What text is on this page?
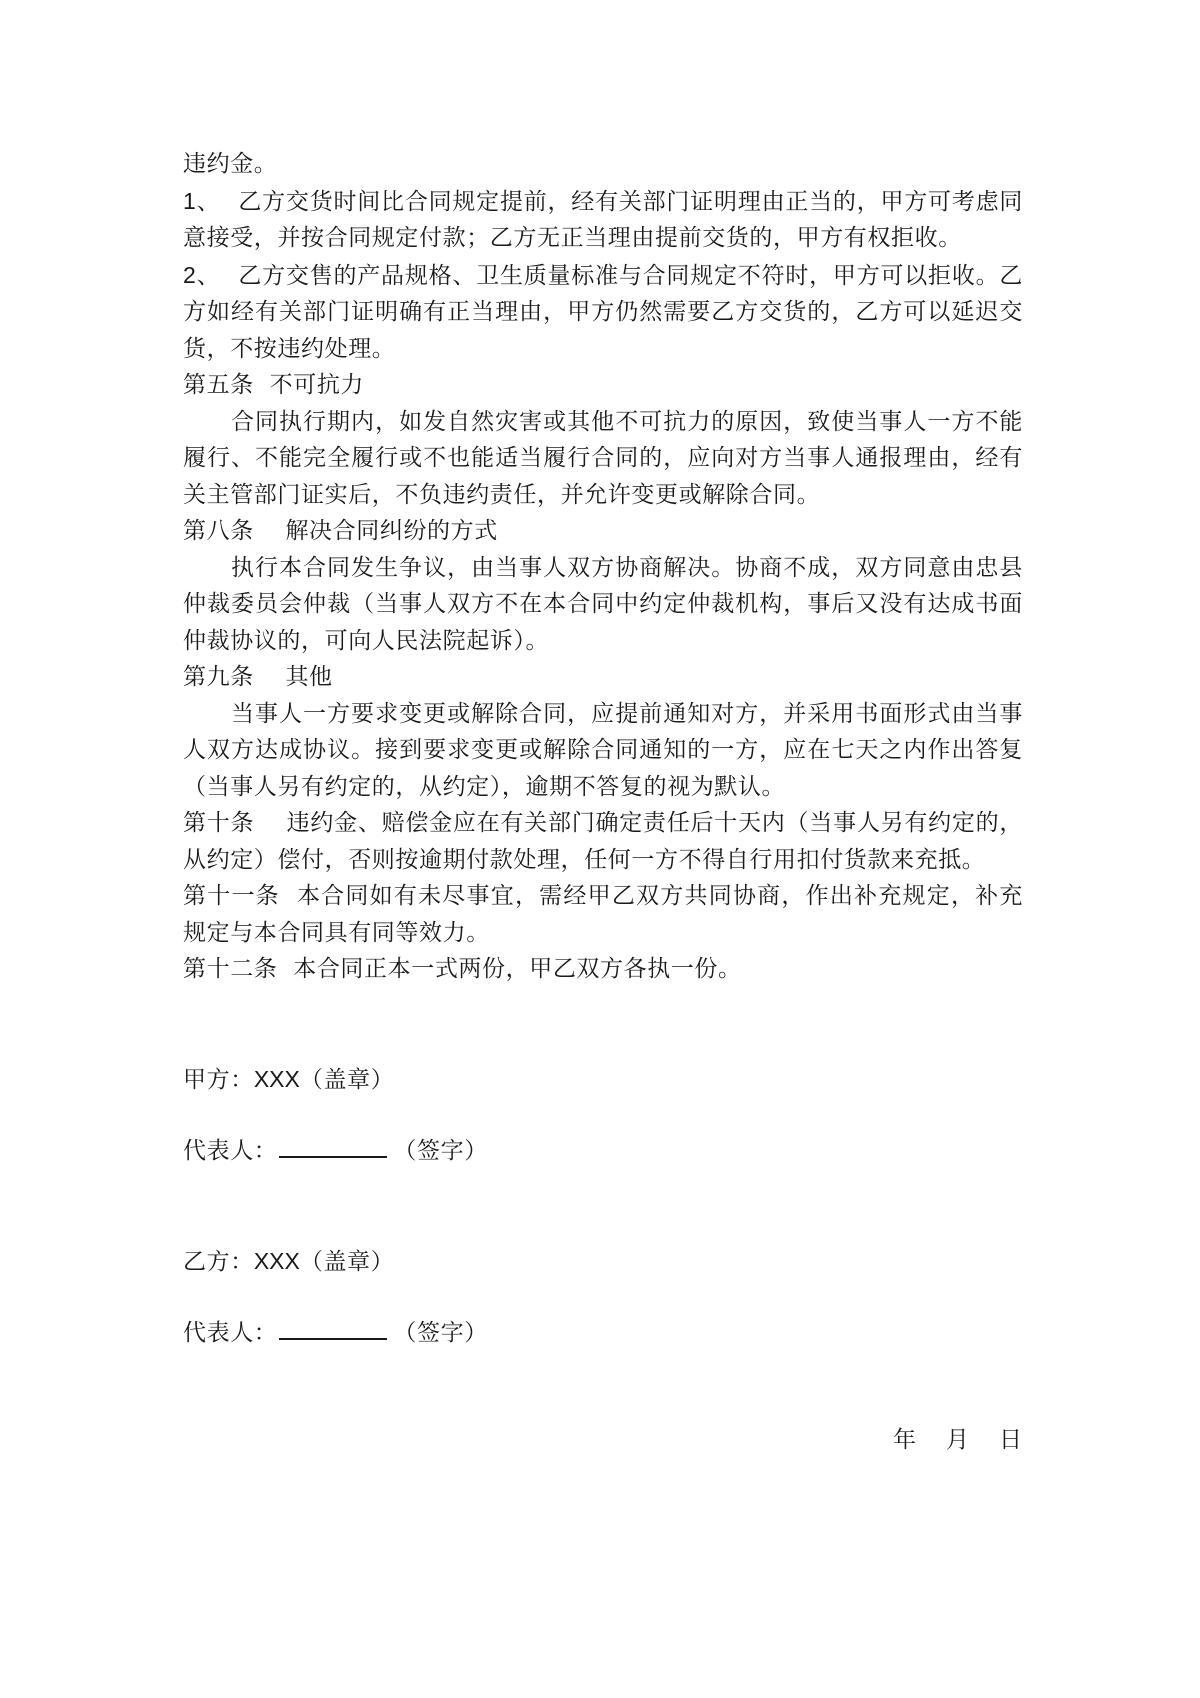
违约金。
1、 乙方交货时间比合同规定提前，经有关部门证明理由正当的，甲方可考虑同
意接受，并按合同规定付款；乙方无正当理由提前交货的，甲方有权拒收。
2、 乙方交售的产品规格、卫生质量标准与合同规定不符时，甲方可以拒收。乙
方如经有关部门证明确有正当理由，甲方仍然需要乙方交货的，乙方可以延迟交
货，不按违约处理。
第五条  不可抗力
合同执行期内，如发自然灾害或其他不可抗力的原因，致使当事人一方不能
履行、不能完全履行或不也能适当履行合同的，应向对方当事人通报理由，经有
关主管部门证实后，不负违约责任，并允许变更或解除合同。
第八条    解决合同纠纷的方式
执行本合同发生争议，由当事人双方协商解决。协商不成，双方同意由忠县
仲裁委员会仲裁（当事人双方不在本合同中约定仲裁机构，事后又没有达成书面
仲裁协议的，可向人民法院起诉）。
第九条    其他
当事人一方要求变更或解除合同，应提前通知对方，并采用书面形式由当事
人双方达成协议。接到要求变更或解除合同通知的一方，应在七天之内作出答复
（当事人另有约定的，从约定），逾期不答复的视为默认。
第十条    违约金、赔偿金应在有关部门确定责任后十天内（当事人另有约定的，
从约定）偿付，否则按逾期付款处理，任何一方不得自行用扣付货款来充抵。
第十一条  本合同如有未尽事宜，需经甲乙双方共同协商，作出补充规定，补充
规定与本合同具有同等效力。
第十二条  本合同正本一式两份，甲乙双方各执一份。
甲方：XXX（盖章）
代表人：	（签字）
乙方：XXX（盖章）
代表人：	（签字）
年 月 日
